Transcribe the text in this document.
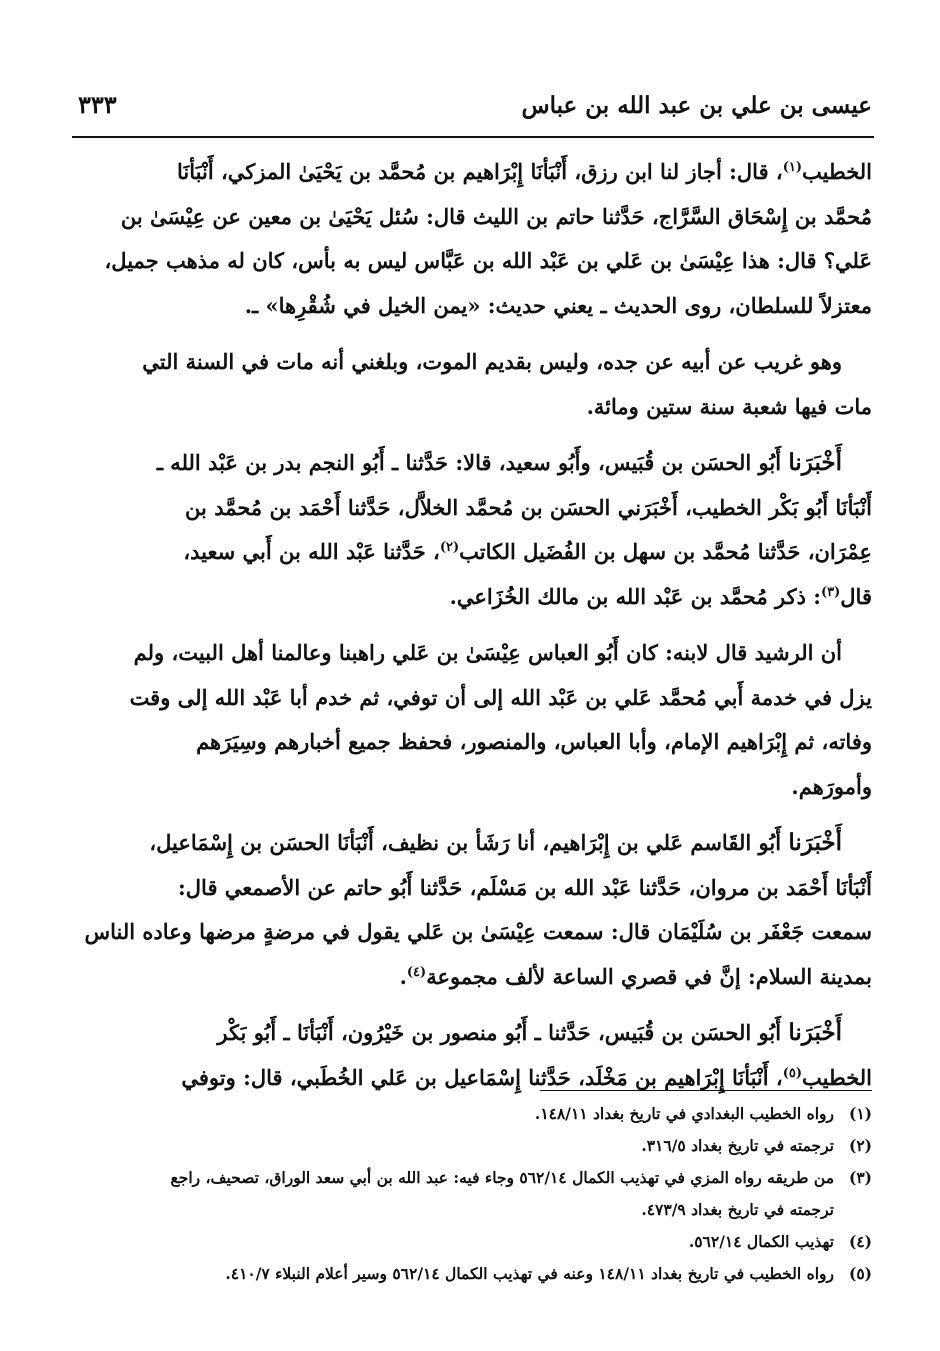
عيسى بن علي بن عبد الله بن عباس
٣٣٣
الخطيب$^{(١)}$، قال: أجاز لنا ابن رزق، أَنْبَأنَا إِبْرَاهيم بن مُحمَّد بن يَحْيَىٰ المزكي، أَنْبَأنَا
مُحمَّد بن إِسْحَاق السَّرَّاج، حَدَّثنا حاتم بن الليث قال: سُئل يَحْيَىٰ بن معين عن عِيْسَىٰ بن
عَلي؟ قال: هذا عِيْسَىٰ بن عَلي بن عَبْد الله بن عَبَّاس ليس به بأس، كان له مذهب جميل،
معتزلاً للسلطان، روى الحديث ـ يعني حديث: «يمن الخيل في شُقْرِها» ـ.
وهو غريب عن أبيه عن جده، وليس بقديم الموت، وبلغني أنه مات في السنة التي
مات فيها شعبة سنة ستين ومائة.
أَخْبَرَنا أَبُو الحسَن بن قُبَيس، وأَبُو سعيد، قالا: حَدَّثنا ـ أَبُو النجم بدر بن عَبْد الله ـ
أَنْبَأنَا أَبُو بَكْر الخطيب، أَخْبَرَني الحسَن بن مُحمَّد الخلاَّل، حَدَّثنا أَحْمَد بن مُحمَّد بن
عِمْرَان، حَدَّثنا مُحمَّد بن سهل بن الفُضَيل الكاتب$^{(٢)}$، حَدَّثنا عَبْد الله بن أَبي سعيد،
قال$^{(٣)}$: ذكر مُحمَّد بن عَبْد الله بن مالك الخُزَاعي.
أن الرشيد قال لابنه: كان أَبُو العباس عِيْسَىٰ بن عَلي راهبنا وعالمنا أهل البيت، ولم
يزل في خدمة أَبي مُحمَّد عَلي بن عَبْد الله إلى أن توفي، ثم خدم أبا عَبْد الله إلى وقت
وفاته، ثم إِبْرَاهيم الإمام، وأبا العباس، والمنصور، فحفظ جميع أخبارهم وسِيَرَهم
وأمورَهم.
أَخْبَرَنا أَبُو القَاسم عَلي بن إِبْرَاهيم، أنا رَشَأ بن نظيف، أَنْبَأنَا الحسَن بن إِسْمَاعيل،
أَنْبَأنَا أَحْمَد بن مروان، حَدَّثنا عَبْد الله بن مَسْلَم، حَدَّثنا أَبُو حاتم عن الأصمعي قال:
سمعت جَعْفَر بن سُلَيْمَان قال: سمعت عِيْسَىٰ بن عَلي يقول في مرضةٍ مرضها وعاده الناس
بمدينة السلام: إنَّ في قصري الساعة لألف مجموعة$^{(٤)}$.
أَخْبَرَنا أَبُو الحسَن بن قُبَيس، حَدَّثنا ـ أَبُو منصور بن خَيْرُون، أَنْبَأنَا ـ أَبُو بَكْر
الخطيب$^{(٥)}$، أَنْبَأنَا إِبْرَاهيم بن مَخْلَد، حَدَّثنا إِسْمَاعيل بن عَلي الخُطَبي، قال: وتوفي
(١)
رواه الخطيب البغدادي في تاريخ بغداد ١٤٨/١١.
(٢)
ترجمته في تاريخ بغداد ٣١٦/٥.
(٣)
من طريقه رواه المزي في تهذيب الكمال ٥٦٢/١٤ وجاء فيه: عبد الله بن أبي سعد الوراق، تصحيف، راجع
ترجمته في تاريخ بغداد ٤٧٣/٩.
(٤)
تهذيب الكمال ٥٦٢/١٤.
(٥)
رواه الخطيب في تاريخ بغداد ١٤٨/١١ وعنه في تهذيب الكمال ٥٦٢/١٤ وسير أعلام النبلاء ٤١٠/٧.
